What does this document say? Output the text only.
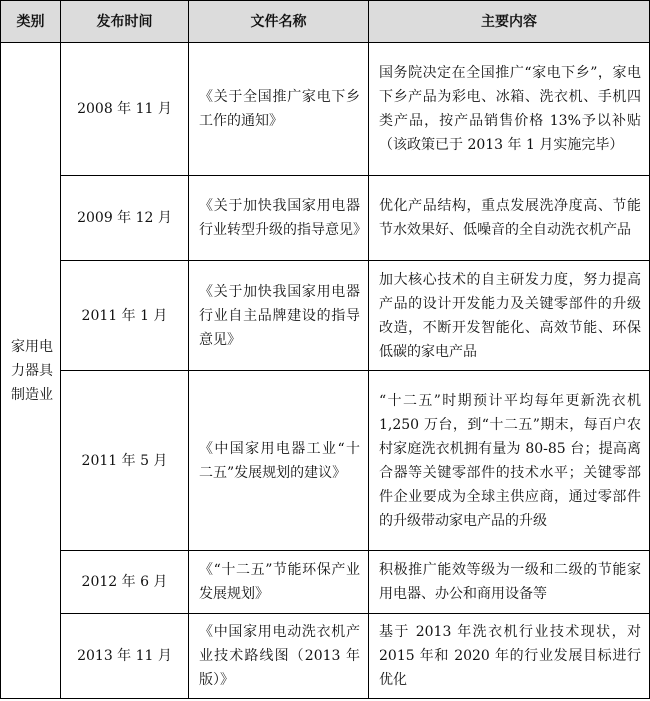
类别	发布时间	文件名称	主要内容
家用电力器具制造业	2008 年 11 月	《关于全国推广家电下乡工作的通知》	国务院决定在全国推广“家电下乡”，家电下乡产品为彩电、冰箱、洗衣机、手机四类产品，按产品销售价格 13%予以补贴（该政策已于 2013 年 1 月实施完毕）
	2009 年 12 月	《关于加快我国家用电器行业转型升级的指导意见》	优化产品结构，重点发展洗净度高、节能节水效果好、低噪音的全自动洗衣机产品
	2011 年 1 月	《关于加快我国家用电器行业自主品牌建设的指导意见》	加大核心技术的自主研发力度，努力提高产品的设计开发能力及关键零部件的升级改造，不断开发智能化、高效节能、环保低碳的家电产品
	2011 年 5 月	《中国家用电器工业“十二五”发展规划的建议》	“十二五”时期预计平均每年更新洗衣机 1,250 万台，到“十二五”期末，每百户农村家庭洗衣机拥有量为 80-85 台；提高离合器等关键零部件的技术水平；关键零部件企业要成为全球主供应商，通过零部件的升级带动家电产品的升级
	2012 年 6 月	《“十二五”节能环保产业发展规划》	积极推广能效等级为一级和二级的节能家用电器、办公和商用设备等
	2013 年 11 月	《中国家用电动洗衣机产业技术路线图（2013 年版）》	基于 2013 年洗衣机行业技术现状，对 2015 年和 2020 年的行业发展目标进行优化
